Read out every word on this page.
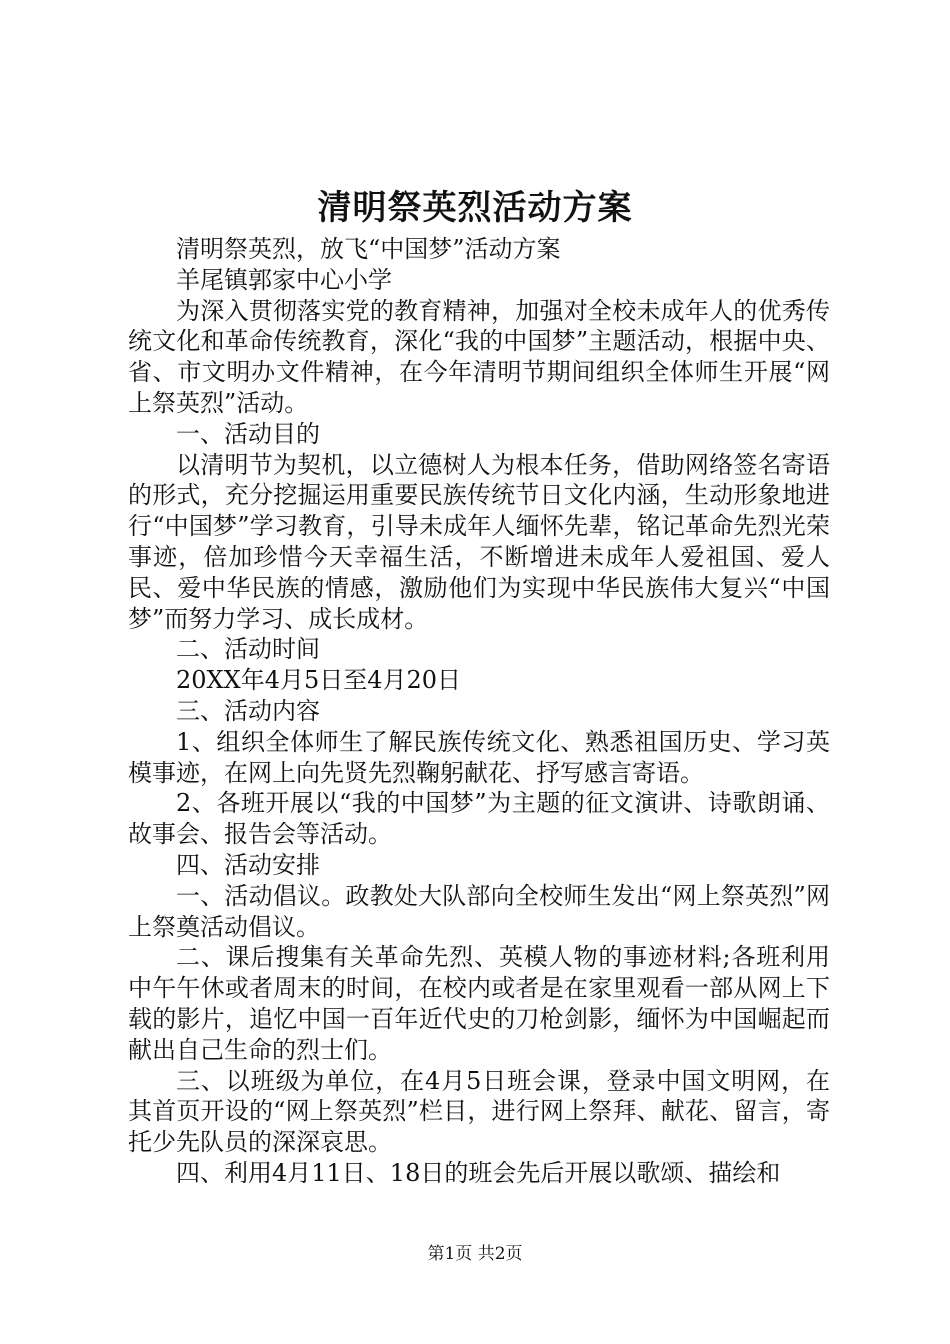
清明祭英烈活动方案

清明祭英烈，放飞“中国梦”活动方案

羊尾镇郭家中心小学

为深入贯彻落实党的教育精神，加强对全校未成年人的优秀传统文化和革命传统教育，深化“我的中国梦”主题活动，根据中央、省、市文明办文件精神，在今年清明节期间组织全体师生开展“网上祭英烈”活动。

一、活动目的

以清明节为契机，以立德树人为根本任务，借助网络签名寄语的形式，充分挖掘运用重要民族传统节日文化内涵，生动形象地进行“中国梦”学习教育，引导未成年人缅怀先辈，铭记革命先烈光荣事迹，倍加珍惜今天幸福生活，不断增进未成年人爱祖国、爱人民、爱中华民族的情感，激励他们为实现中华民族伟大复兴“中国梦”而努力学习、成长成材。

二、活动时间

20XX年4月5日至4月20日

三、活动内容

1、组织全体师生了解民族传统文化、熟悉祖国历史、学习英模事迹，在网上向先贤先烈鞠躬献花、抒写感言寄语。

2、各班开展以“我的中国梦”为主题的征文演讲、诗歌朗诵、故事会、报告会等活动。

四、活动安排

一、活动倡议。政教处大队部向全校师生发出“网上祭英烈”网上祭奠活动倡议。

二、课后搜集有关革命先烈、英模人物的事迹材料;各班利用中午午休或者周末的时间，在校内或者是在家里观看一部从网上下载的影片，追忆中国一百年近代史的刀枪剑影，缅怀为中国崛起而献出自己生命的烈士们。

三、以班级为单位，在4月5日班会课，登录中国文明网，在其首页开设的“网上祭英烈”栏目，进行网上祭拜、献花、留言，寄托少先队员的深深哀思。

四、利用4月11日、18日的班会先后开展以歌颂、描绘和

第1页 共2页
